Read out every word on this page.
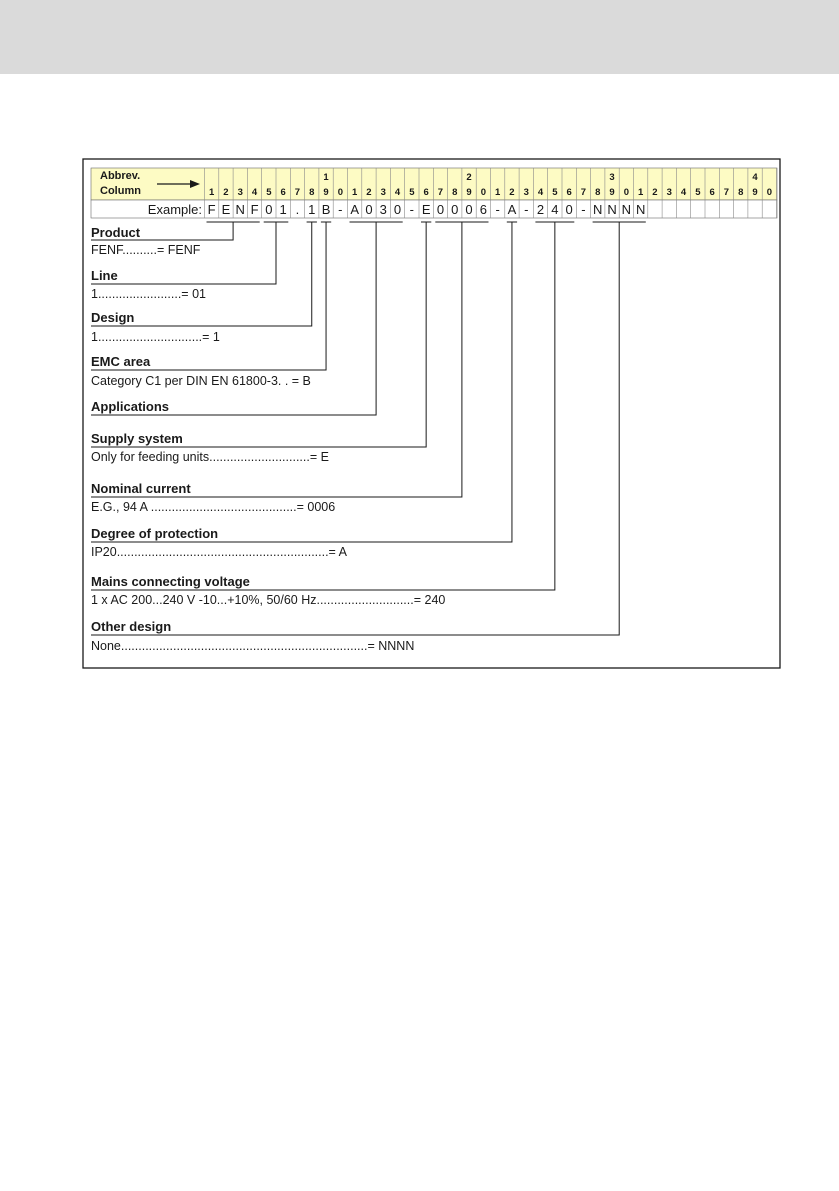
Abbrev.
Column
Example:
1
F
2
E
3
N
4
F
5
0
6
1
7
.
8
1
1
9
B
0
-
1
A
2
0
3
3
4
0
5
-
6
E
7
0
8
0
2
9
0
0
6
1
-
2
A
3
-
4
2
5
4
6
0
7
-
8
N
3
9
N
0
N
1
N
2 3 4 5 6 7 8
4
9 0
Product
FENF..........= FENF
Line
1........................= 01
Design
1..............................= 1
EMC area
Category C1 per DIN EN 61800-3. . = B
Applications
Supply system
Only for feeding units.............................= E
Nominal current
E.G., 94 A ..........................................= 0006
Degree of protection
IP20.............................................................= A
Mains connecting voltage
1 x AC 200...240 V -10...+10%, 50/60 Hz............................= 240
Other design
None.......................................................................= NNNN
